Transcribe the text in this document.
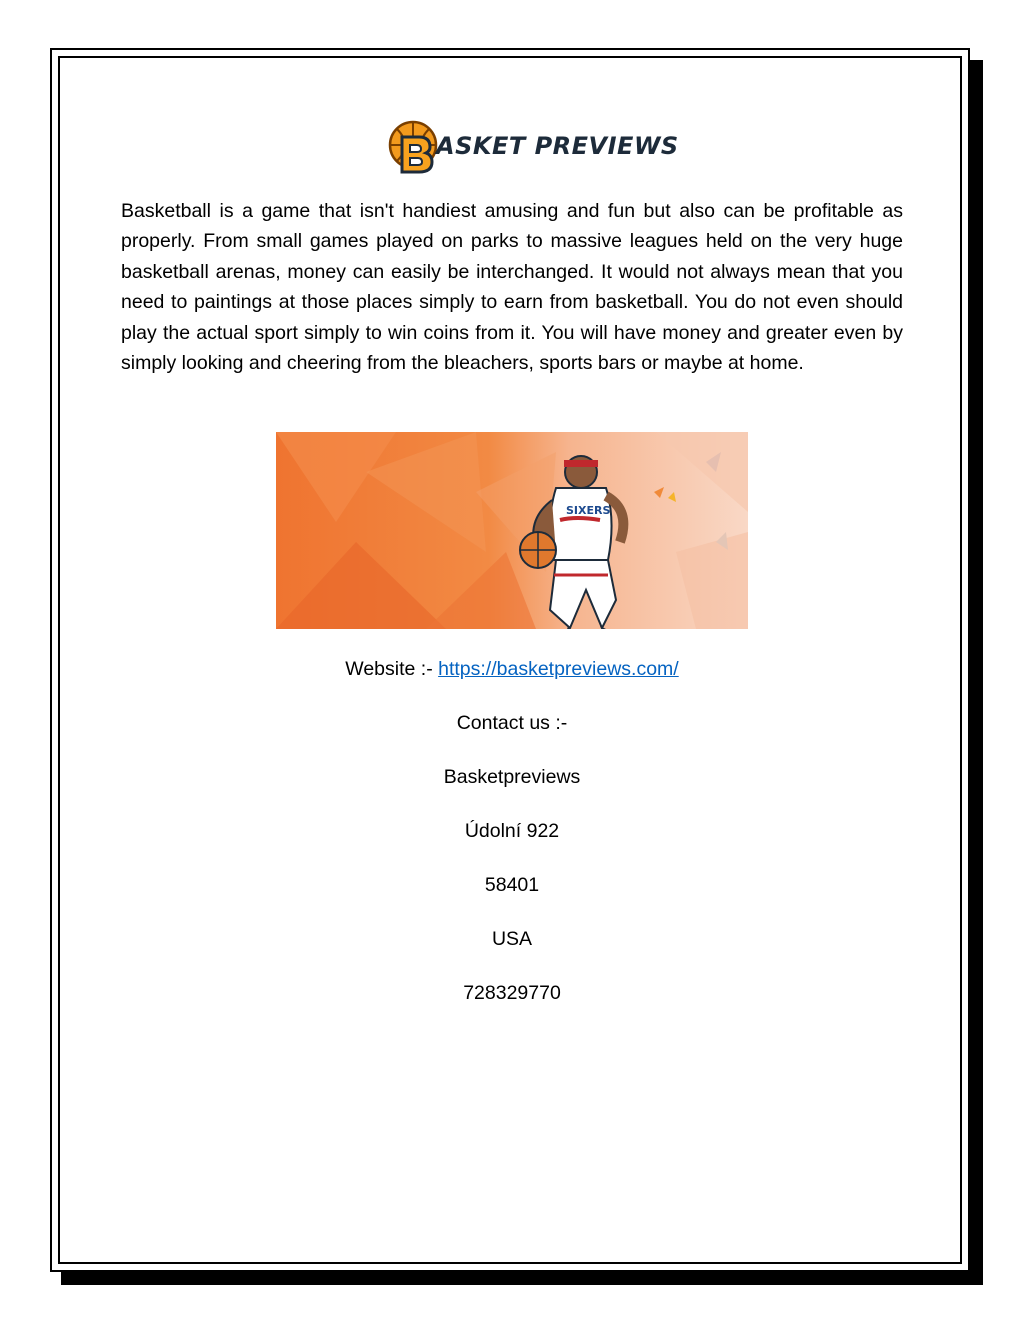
ASKET PREVIEWS

Basketball is a game that isn't handiest amusing and fun but also can be profitable as properly. From small games played on parks to massive leagues held on the very huge basketball arenas, money can easily be interchanged. It would not always mean that you need to paintings at those places simply to earn from basketball. You do not even should play the actual sport simply to win coins from it. You will have money and greater even by simply looking and cheering from the bleachers, sports bars or maybe at home.

SIXERS

Website :- https://basketpreviews.com/

Contact us :-

Basketpreviews

Údolní 922

58401

USA

728329770
